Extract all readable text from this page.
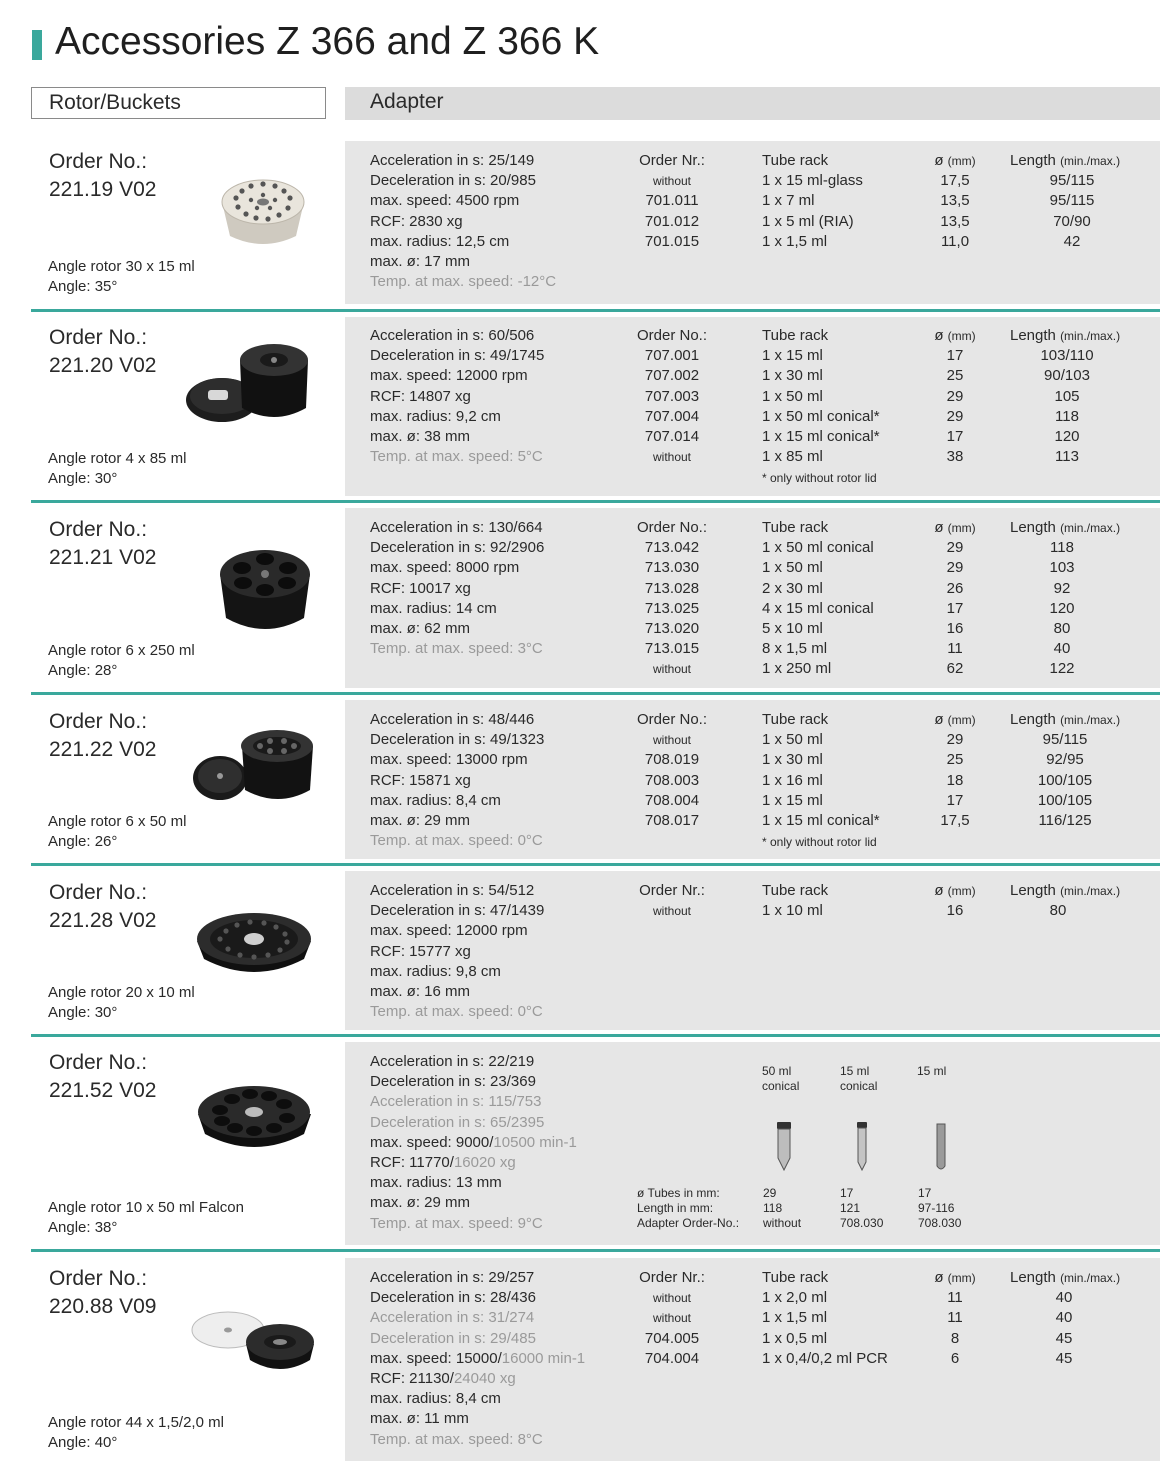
Accessories Z 366 and Z 366 K
Rotor/Buckets	Adapter
Order No.:
221.19 V02
Angle rotor 30 x 15 ml
Angle: 35°
Acceleration in s: 25/149
Deceleration in s: 20/985
max. speed: 4500 rpm
RCF: 2830 xg
max. radius: 12,5 cm
max. ø: 17 mm
Temp. at max. speed: -12°C
Order Nr.:
without
701.011
701.012
701.015
Tube rack
1 x 15 ml-glass
1 x 7 ml
1 x 5 ml (RIA)
1 x 1,5 ml
ø (mm)
17,5
13,5
13,5
11,0
Length (min./max.)
95/115
95/115
70/90
42
Order No.:
221.20 V02
Angle rotor 4 x 85 ml
Angle: 30°
Acceleration in s: 60/506
Deceleration in s: 49/1745
max. speed: 12000 rpm
RCF: 14807 xg
max. radius: 9,2 cm
max. ø: 38 mm
Temp. at max. speed: 5°C
Order No.:
707.001
707.002
707.003
707.004
707.014
without
Tube rack
1 x 15 ml
1 x 30 ml
1 x 50 ml
1 x 50 ml conical*
1 x 15 ml conical*
1 x 85 ml
* only without rotor lid
ø (mm)
17
25
29
29
17
38
Length (min./max.)
103/110
90/103
105
118
120
113
Order No.:
221.21 V02
Angle rotor 6 x 250 ml
Angle: 28°
Acceleration in s: 130/664
Deceleration in s: 92/2906
max. speed: 8000 rpm
RCF: 10017 xg
max. radius: 14 cm
max. ø: 62 mm
Temp. at max. speed: 3°C
Order No.:
713.042
713.030
713.028
713.025
713.020
713.015
without
Tube rack
1 x 50 ml conical
1 x 50 ml
2 x 30 ml
4 x 15 ml conical
5 x 10 ml
8 x 1,5 ml
1 x 250 ml
ø (mm)
29
29
26
17
16
11
62
Length (min./max.)
118
103
92
120
80
40
122
Order No.:
221.22 V02
Angle rotor 6 x 50 ml
Angle: 26°
Acceleration in s: 48/446
Deceleration in s: 49/1323
max. speed: 13000 rpm
RCF: 15871 xg
max. radius: 8,4 cm
max. ø: 29 mm
Temp. at max. speed: 0°C
Order No.:
without
708.019
708.003
708.004
708.017
Tube rack
1 x 50 ml
1 x 30 ml
1 x 16 ml
1 x 15 ml
1 x 15 ml conical*
* only without rotor lid
ø (mm)
29
25
18
17
17,5
Length (min./max.)
95/115
92/95
100/105
100/105
116/125
Order No.:
221.28 V02
Angle rotor 20 x 10 ml
Angle: 30°
Acceleration in s: 54/512
Deceleration in s: 47/1439
max. speed: 12000 rpm
RCF: 15777 xg
max. radius: 9,8 cm
max. ø: 16 mm
Temp. at max. speed: 0°C
Order Nr.:
without
Tube rack
1 x 10 ml
ø (mm)
16
Length (min./max.)
80
Order No.:
221.52 V02
Angle rotor 10 x 50 ml Falcon
Angle: 38°
Acceleration in s: 22/219
Deceleration in s: 23/369
Acceleration in s: 115/753
Deceleration in s: 65/2395
max. speed: 9000/10500 min-1
RCF: 11770/16020 xg
max. radius: 13 mm
max. ø: 29 mm
Temp. at max. speed: 9°C
50 ml
conical
15 ml
conical
15 ml
ø Tubes in mm:
Length in mm:
Adapter Order-No.:
29
118
without
17
121
708.030
17
97-116
708.030
Order No.:
220.88 V09
Angle rotor 44 x 1,5/2,0 ml
Angle: 40°
Acceleration in s: 29/257
Deceleration in s: 28/436
Acceleration in s: 31/274
Deceleration in s: 29/485
max. speed: 15000/16000 min-1
RCF: 21130/24040 xg
max. radius: 8,4 cm
max. ø: 11 mm
Temp. at max. speed: 8°C
Order Nr.:
without
without
704.005
704.004
Tube rack
1 x 2,0 ml
1 x 1,5 ml
1 x 0,5 ml
1 x 0,4/0,2 ml PCR
ø (mm)
11
11
8
6
Length (min./max.)
40
40
45
45
